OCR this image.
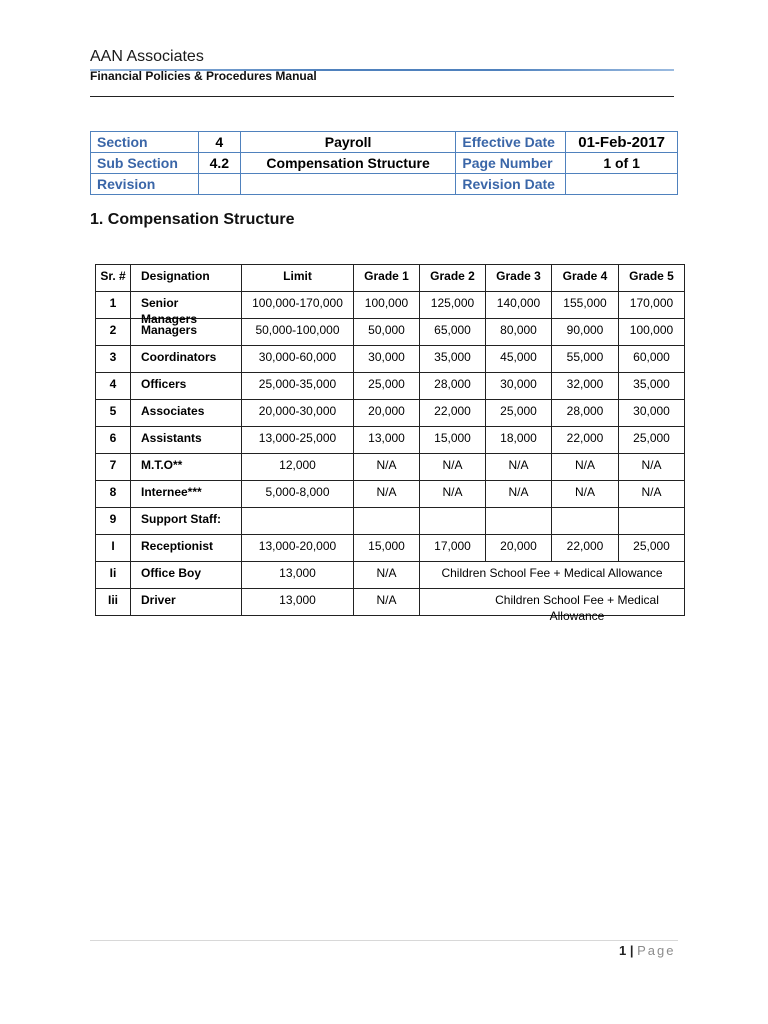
AAN Associates
Financial Policies & Procedures Manual
Section	4	Payroll	Effective Date	01-Feb-2017
Sub Section	4.2	Compensation Structure	Page Number	1 of 1
Revision			Revision Date	
1. Compensation Structure
Sr. #	Designation	Limit	Grade 1	Grade 2	Grade 3	Grade 4	Grade 5
1	Senior Managers	100,000-170,000	100,000	125,000	140,000	155,000	170,000
2	Managers	50,000-100,000	50,000	65,000	80,000	90,000	100,000
3	Coordinators	30,000-60,000	30,000	35,000	45,000	55,000	60,000
4	Officers	25,000-35,000	25,000	28,000	30,000	32,000	35,000
5	Associates	20,000-30,000	20,000	22,000	25,000	28,000	30,000
6	Assistants	13,000-25,000	13,000	15,000	18,000	22,000	25,000
7	M.T.O**	12,000	N/A	N/A	N/A	N/A	N/A
8	Internee***	5,000-8,000	N/A	N/A	N/A	N/A	N/A
9	Support Staff:						
I	Receptionist	13,000-20,000	15,000	17,000	20,000	22,000	25,000
Ii	Office Boy	13,000	N/A	Children School Fee + Medical Allowance			
Iii	Driver	13,000	N/A	Children School Fee + Medical Allowance			
1 | Page
